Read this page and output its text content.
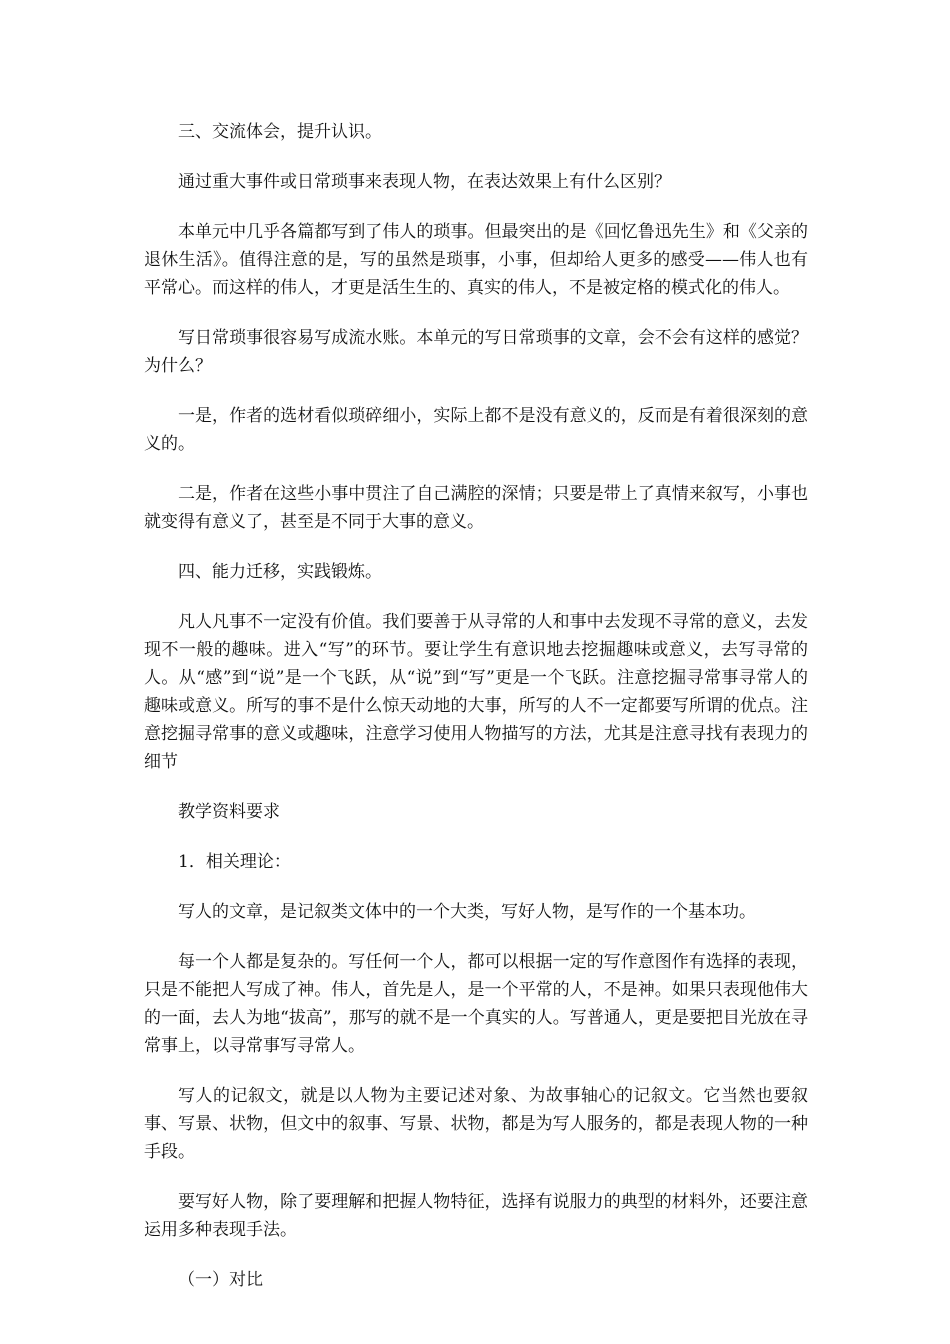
三、交流体会，提升认识。

通过重大事件或日常琐事来表现人物，在表达效果上有什么区别？

本单元中几乎各篇都写到了伟人的琐事。但最突出的是《回忆鲁迅先生》和《父亲的退休生活》。值得注意的是，写的虽然是琐事，小事，但却给人更多的感受——伟人也有平常心。而这样的伟人，才更是活生生的、真实的伟人，不是被定格的模式化的伟人。

写日常琐事很容易写成流水账。本单元的写日常琐事的文章，会不会有这样的感觉？为什么？

一是，作者的选材看似琐碎细小，实际上都不是没有意义的，反而是有着很深刻的意义的。

二是，作者在这些小事中贯注了自己满腔的深情；只要是带上了真情来叙写，小事也就变得有意义了，甚至是不同于大事的意义。

四、能力迁移，实践锻炼。

凡人凡事不一定没有价值。我们要善于从寻常的人和事中去发现不寻常的意义，去发现不一般的趣味。进入“写”的环节。要让学生有意识地去挖掘趣味或意义，去写寻常的人。从“感”到“说”是一个飞跃，从“说”到“写”更是一个飞跃。注意挖掘寻常事寻常人的趣味或意义。所写的事不是什么惊天动地的大事，所写的人不一定都要写所谓的优点。注意挖掘寻常事的意义或趣味，注意学习使用人物描写的方法，尤其是注意寻找有表现力的细节

教学资料要求

1．相关理论：

写人的文章，是记叙类文体中的一个大类，写好人物，是写作的一个基本功。

每一个人都是复杂的。写任何一个人，都可以根据一定的写作意图作有选择的表现，只是不能把人写成了神。伟人，首先是人，是一个平常的人，不是神。如果只表现他伟大的一面，去人为地“拔高”，那写的就不是一个真实的人。写普通人，更是要把目光放在寻常事上，以寻常事写寻常人。

写人的记叙文，就是以人物为主要记述对象、为故事轴心的记叙文。它当然也要叙事、写景、状物，但文中的叙事、写景、状物，都是为写人服务的，都是表现人物的一种手段。

要写好人物，除了要理解和把握人物特征，选择有说服力的典型的材料外，还要注意运用多种表现手法。

（一）对比
